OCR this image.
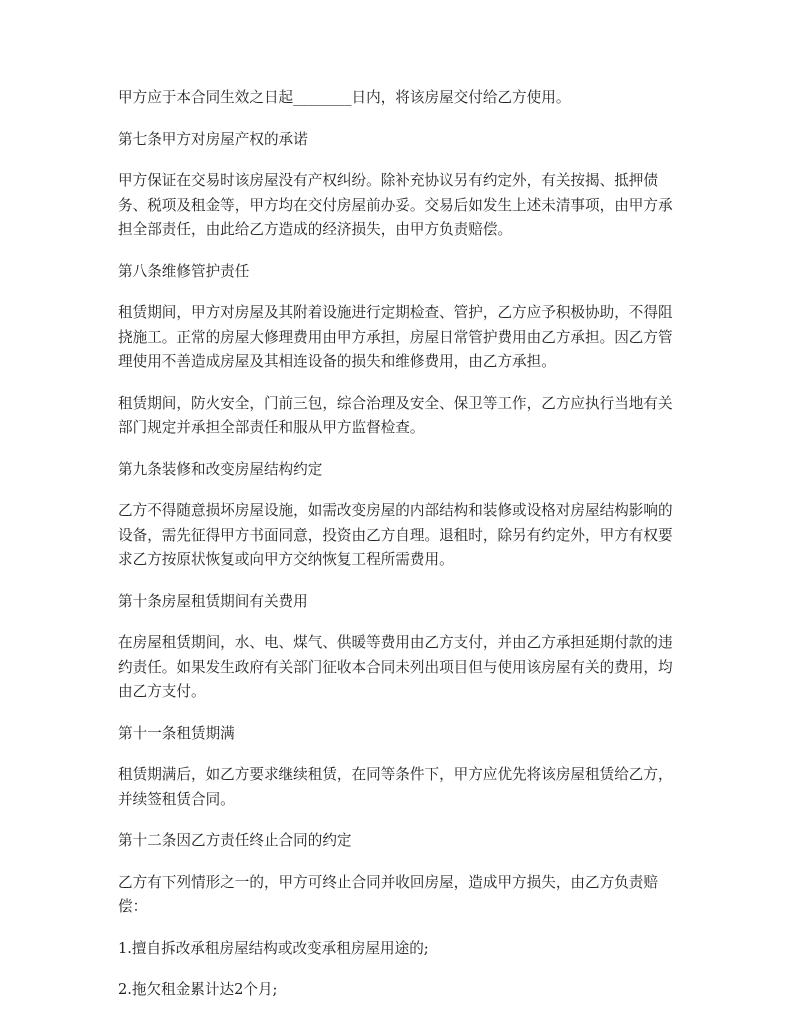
甲方应于本合同生效之日起________日内，将该房屋交付给乙方使用。

第七条甲方对房屋产权的承诺

甲方保证在交易时该房屋没有产权纠纷。除补充协议另有约定外，有关按揭、抵押债务、税项及租金等，甲方均在交付房屋前办妥。交易后如发生上述未清事项，由甲方承担全部责任，由此给乙方造成的经济损失，由甲方负责赔偿。

第八条维修管护责任

租赁期间，甲方对房屋及其附着设施进行定期检查、管护，乙方应予积极协助，不得阻挠施工。正常的房屋大修理费用由甲方承担，房屋日常管护费用由乙方承担。因乙方管理使用不善造成房屋及其相连设备的损失和维修费用，由乙方承担。

租赁期间，防火安全，门前三包，综合治理及安全、保卫等工作，乙方应执行当地有关部门规定并承担全部责任和服从甲方监督检查。

第九条装修和改变房屋结构约定

乙方不得随意损坏房屋设施，如需改变房屋的内部结构和装修或设格对房屋结构影响的设备，需先征得甲方书面同意，投资由乙方自理。退租时，除另有约定外，甲方有权要求乙方按原状恢复或向甲方交纳恢复工程所需费用。

第十条房屋租赁期间有关费用

在房屋租赁期间，水、电、煤气、供暖等费用由乙方支付，并由乙方承担延期付款的违约责任。如果发生政府有关部门征收本合同未列出项目但与使用该房屋有关的费用，均由乙方支付。

第十一条租赁期满

租赁期满后，如乙方要求继续租赁，在同等条件下，甲方应优先将该房屋租赁给乙方，并续签租赁合同。

第十二条因乙方责任终止合同的约定

乙方有下列情形之一的，甲方可终止合同并收回房屋，造成甲方损失，由乙方负责赔偿：

1.擅自拆改承租房屋结构或改变承租房屋用途的;

2.拖欠租金累计达2个月;
